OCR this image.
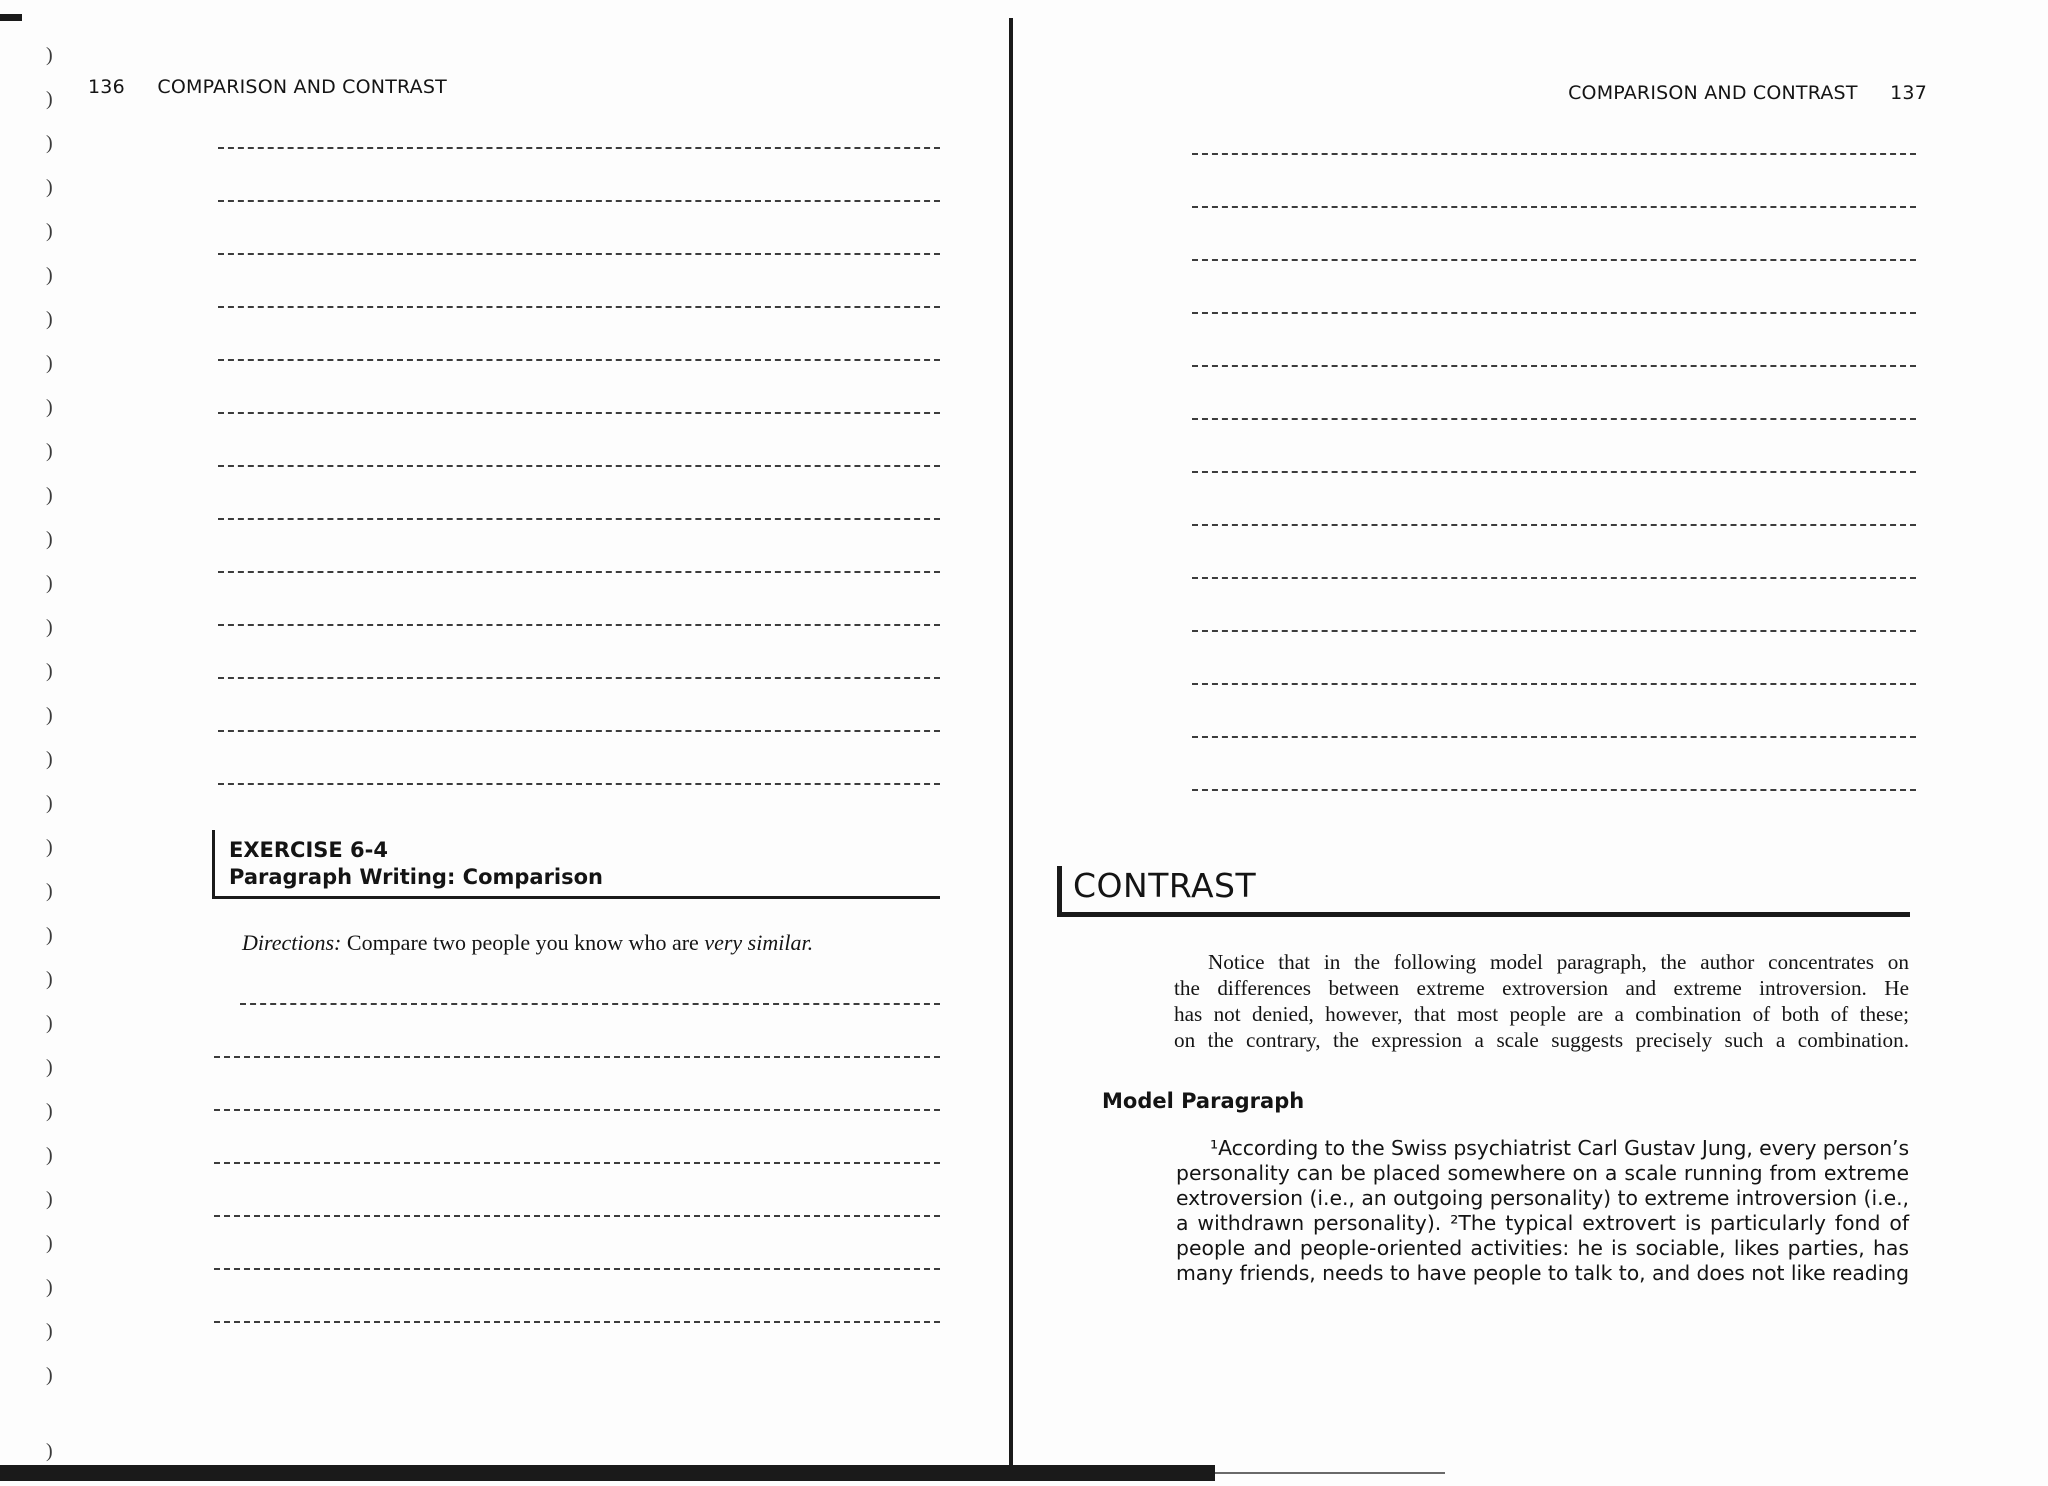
)
)
)
)
)
)
)
)
)
)
)
)
)
)
)
)
)
)
)
)
)
)
)
)
)
)
)
)
)
)
)
)
136 COMPARISON AND CONTRAST
EXERCISE 6-4
Paragraph Writing: Comparison
Directions: Compare two people you know who are very similar.
COMPARISON AND CONTRAST 137
CONTRAST
Notice that in the following model paragraph, the author concentrates on
the differences between extreme extroversion and extreme introversion. He
has not denied, however, that most people are a combination of both of these;
on the contrary, the expression a scale suggests precisely such a combination.
Model Paragraph
¹According to the Swiss psychiatrist Carl Gustav Jung, every person’s
personality can be placed somewhere on a scale running from extreme
extroversion (i.e., an outgoing personality) to extreme introversion (i.e.,
a withdrawn personality). ²The typical extrovert is particularly fond of
people and people-oriented activities: he is sociable, likes parties, has
many friends, needs to have people to talk to, and does not like reading
